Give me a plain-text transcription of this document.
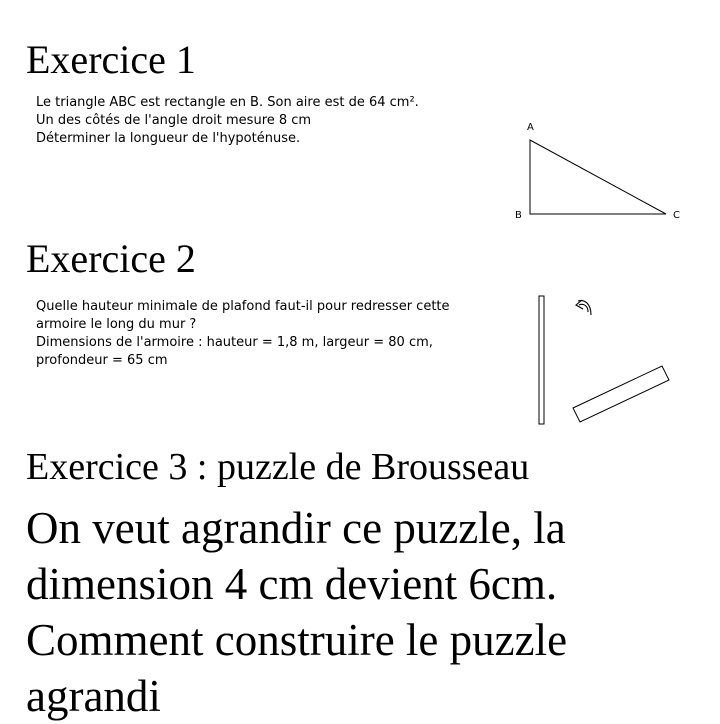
Exercice 1
Le triangle ABC est rectangle en B. Son aire est de 64 cm².
Un des côtés de l'angle droit mesure 8 cm
Déterminer la longueur de l'hypoténuse.
A
B	C
Exercice 2
Quelle hauteur minimale de plafond faut-il pour redresser cette
armoire le long du mur ?
Dimensions de l'armoire : hauteur = 1,8 m, largeur = 80 cm,
profondeur = 65 cm
Exercice 3 : puzzle de Brousseau
On veut agrandir ce puzzle, la
dimension 4 cm devient 6cm.
Comment construire le puzzle
agrandi
